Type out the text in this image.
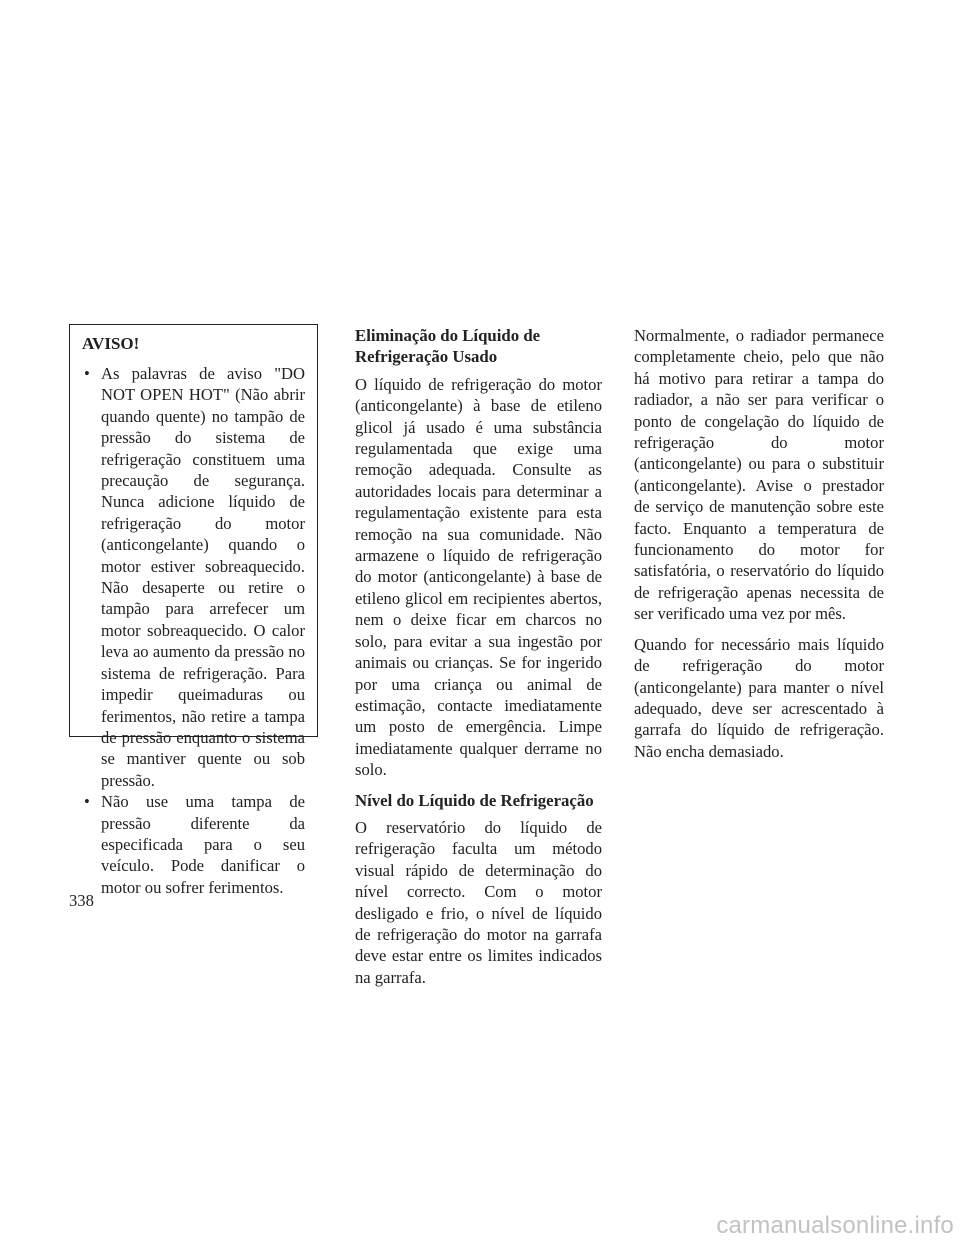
AVISO!
• As palavras de aviso "DO NOT OPEN HOT" (Não abrir quando quente) no tampão de pressão do sistema de refrigeração constituem uma precaução de segurança. Nunca adicione líquido de refrigeração do motor (anticongelante) quando o motor estiver sobreaquecido. Não desaperte ou retire o tampão para arrefecer um motor sobreaquecido. O calor leva ao aumento da pressão no sistema de refrigeração. Para impedir queimaduras ou ferimentos, não retire a tampa de pressão enquanto o sistema se mantiver quente ou sob pressão.
• Não use uma tampa de pressão diferente da especificada para o seu veículo. Pode danificar o motor ou sofrer ferimentos.
Eliminação do Líquido de Refrigeração Usado

O líquido de refrigeração do motor (anticongelante) à base de etileno glicol já usado é uma substância regulamentada que exige uma remoção adequada. Consulte as autoridades locais para determinar a regulamentação existente para esta remoção na sua comunidade. Não armazene o líquido de refrigeração do motor (anticongelante) à base de etileno glicol em recipientes abertos, nem o deixe ficar em charcos no solo, para evitar a sua ingestão por animais ou crianças. Se for ingerido por uma criança ou animal de estimação, contacte imediatamente um posto de emergência. Limpe imediatamente qualquer derrame no solo.

Nível do Líquido de Refrigeração

O reservatório do líquido de refrigeração faculta um método visual rápido de determinação do nível correcto. Com o motor desligado e frio, o nível de líquido de refrigeração do motor na garrafa deve estar entre os limites indicados na garrafa.

Normalmente, o radiador permanece completamente cheio, pelo que não há motivo para retirar a tampa do radiador, a não ser para verificar o ponto de congelação do líquido de refrigeração do motor (anticongelante) ou para o substituir (anticongelante). Avise o prestador de serviço de manutenção sobre este facto. Enquanto a temperatura de funcionamento do motor for satisfatória, o reservatório do líquido de refrigeração apenas necessita de ser verificado uma vez por mês.

Quando for necessário mais líquido de refrigeração do motor (anticongelante) para manter o nível adequado, deve ser acrescentado à garrafa do líquido de refrigeração. Não encha demasiado.

338
carmanualsonline.info
